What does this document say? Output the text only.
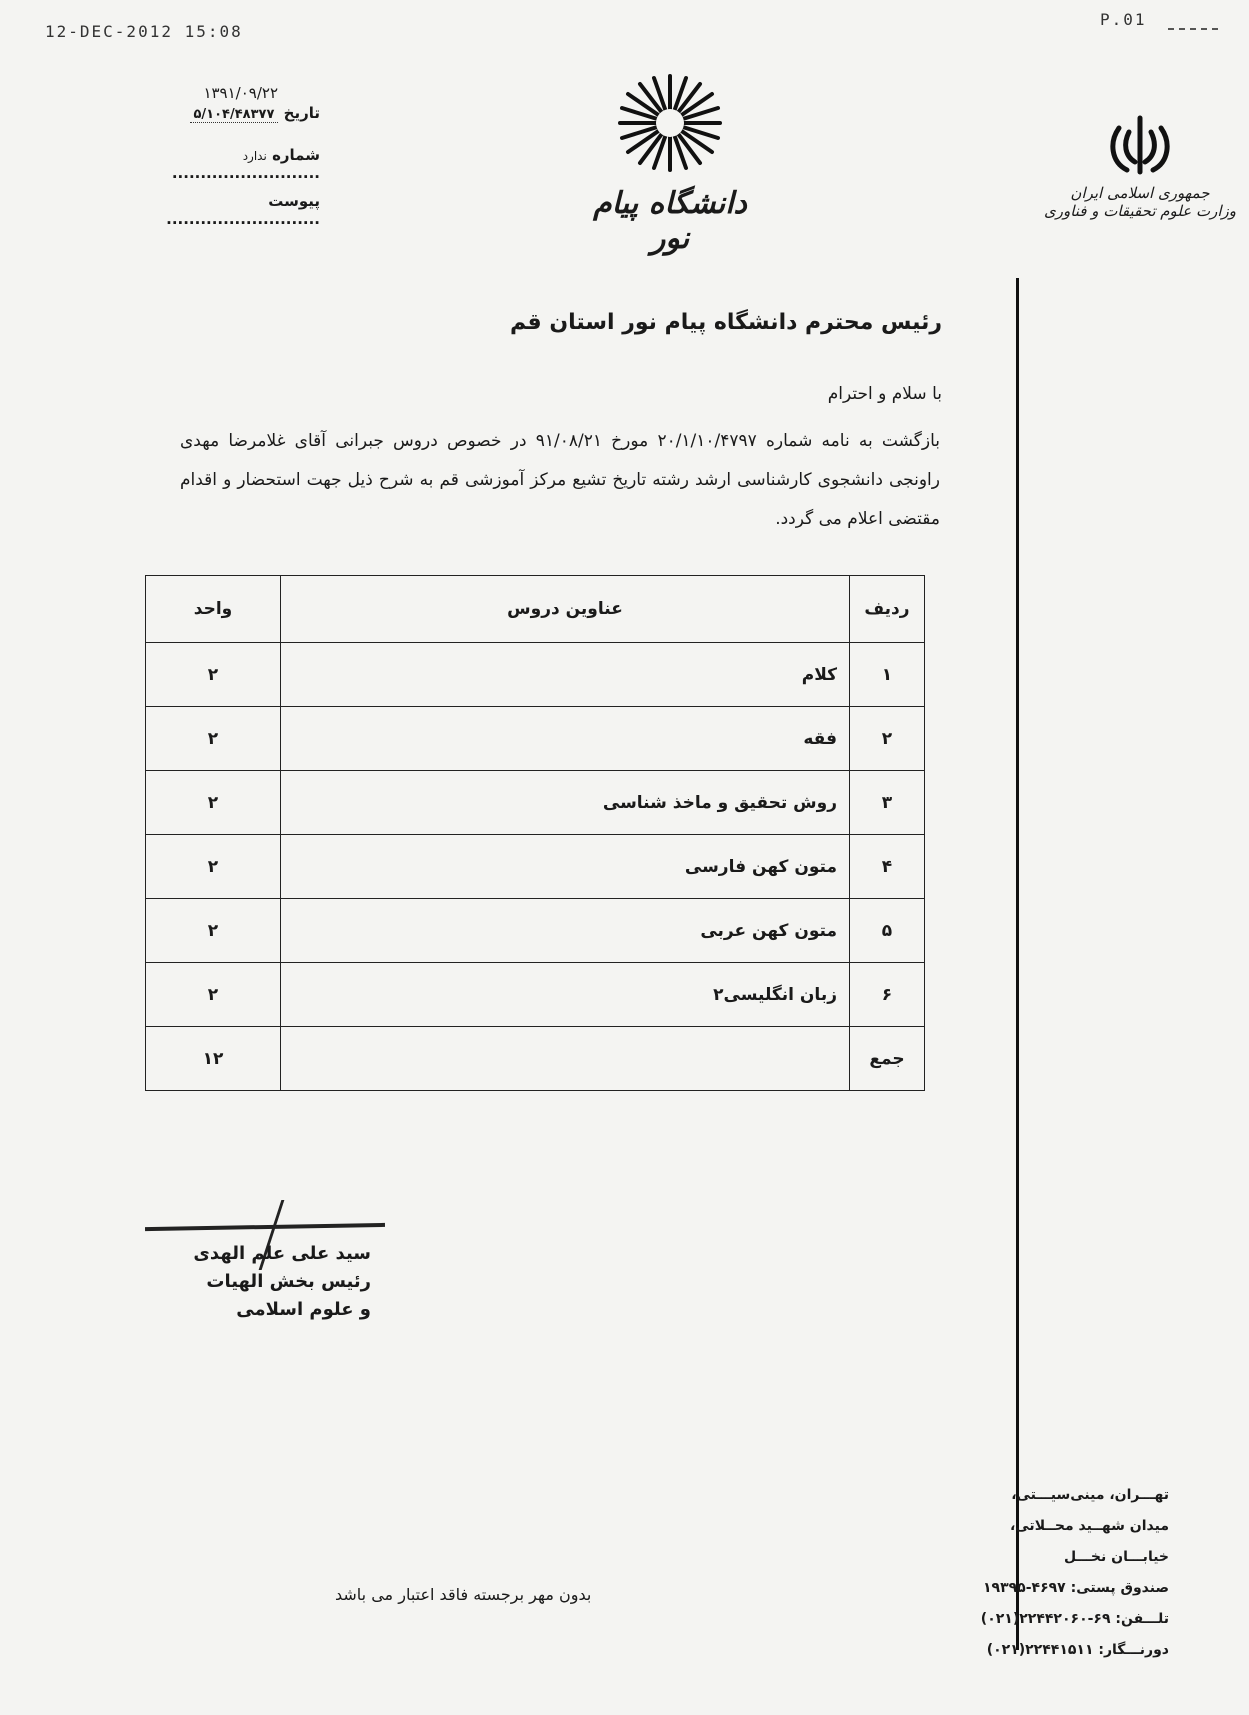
12-DEC-2012 15:08
P.01
۱۳۹۱/۰۹/۲۲
تاریخ ۵/۱۰۴/۴۸۳۷۷
شماره ندارد ..........................
پیوست ...........................	دانشگاه پیام نور
جمهوری اسلامی ایران
وزارت علوم تحقیقات و فناوری
رئیس محترم دانشگاه پیام نور استان قم
با سلام و احترام
بازگشت به نامه شماره ۲۰/۱/۱۰/۴۷۹۷ مورخ ۹۱/۰۸/۲۱ در خصوص دروس جبرانی آقای غلامرضا مهدی راونجی دانشجوی کارشناسی ارشد رشته تاریخ تشیع مرکز آموزشی قم به شرح ذیل جهت استحضار و اقدام مقتضی اعلام می گردد.
ردیف	عناوین دروس	واحد
۱	کلام	۲
۲	فقه	۲
۳	روش تحقیق و ماخذ شناسی	۲
۴	متون کهن فارسی	۲
۵	متون کهن عربی	۲
۶	زبان انگلیسی۲	۲
جمع		۱۲
سید علی علم الهدی
رئیس بخش الهیات
و علوم اسلامی
بدون مهر برجسته فاقد اعتبار می باشد
تهـــران، مینی‌سیـــتی،
میدان شهــید محــلاتی،
خیابـــان نخـــل
صندوق پستی: ۴۶۹۷-۱۹۳۹۵
تلـــفن: ۶۹-۲۲۴۴۲۰۶۰(۰۲۱)
دورنـــگار: ۲۲۴۴۱۵۱۱(۰۲۱)
